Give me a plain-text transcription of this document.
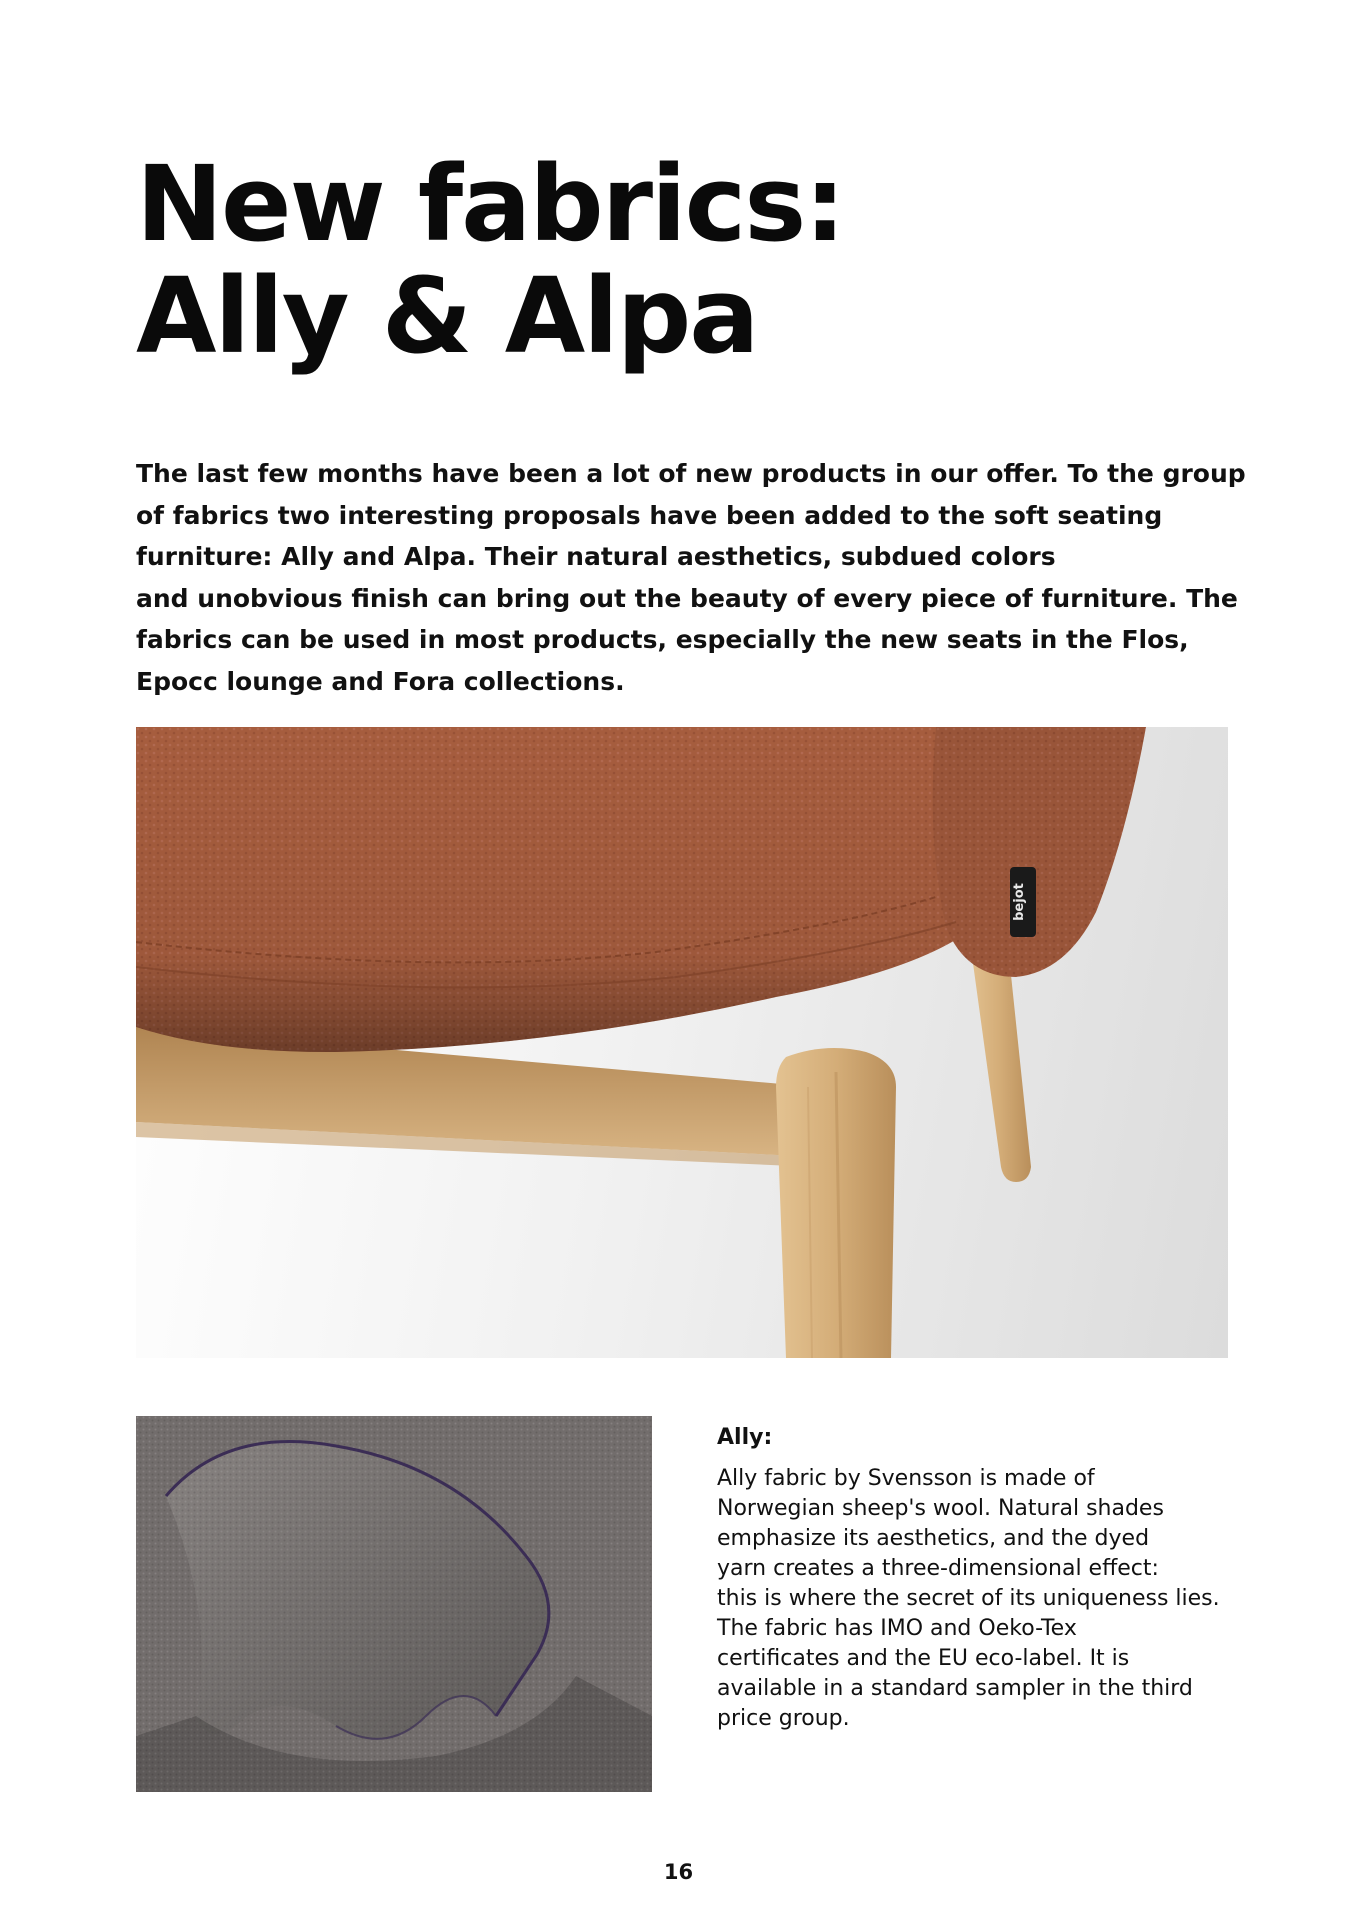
New fabrics:
Ally & Alpa

The last few months have been a lot of new products in our offer. To the group
of fabrics two interesting proposals have been added to the soft seating
furniture: Ally and Alpa. Their natural aesthetics, subdued colors
and unobvious finish can bring out the beauty of every piece of furniture. The
fabrics can be used in most products, especially the new seats in the Flos,
Epocc lounge and Fora collections.

bejot
Ally:

Ally fabric by Svensson is made of
Norwegian sheep's wool. Natural shades
emphasize its aesthetics, and the dyed
yarn creates a three-dimensional effect:
this is where the secret of its uniqueness lies.
The fabric has IMO and Oeko-Tex
certificates and the EU eco-label. It is
available in a standard sampler in the third
price group.

16
